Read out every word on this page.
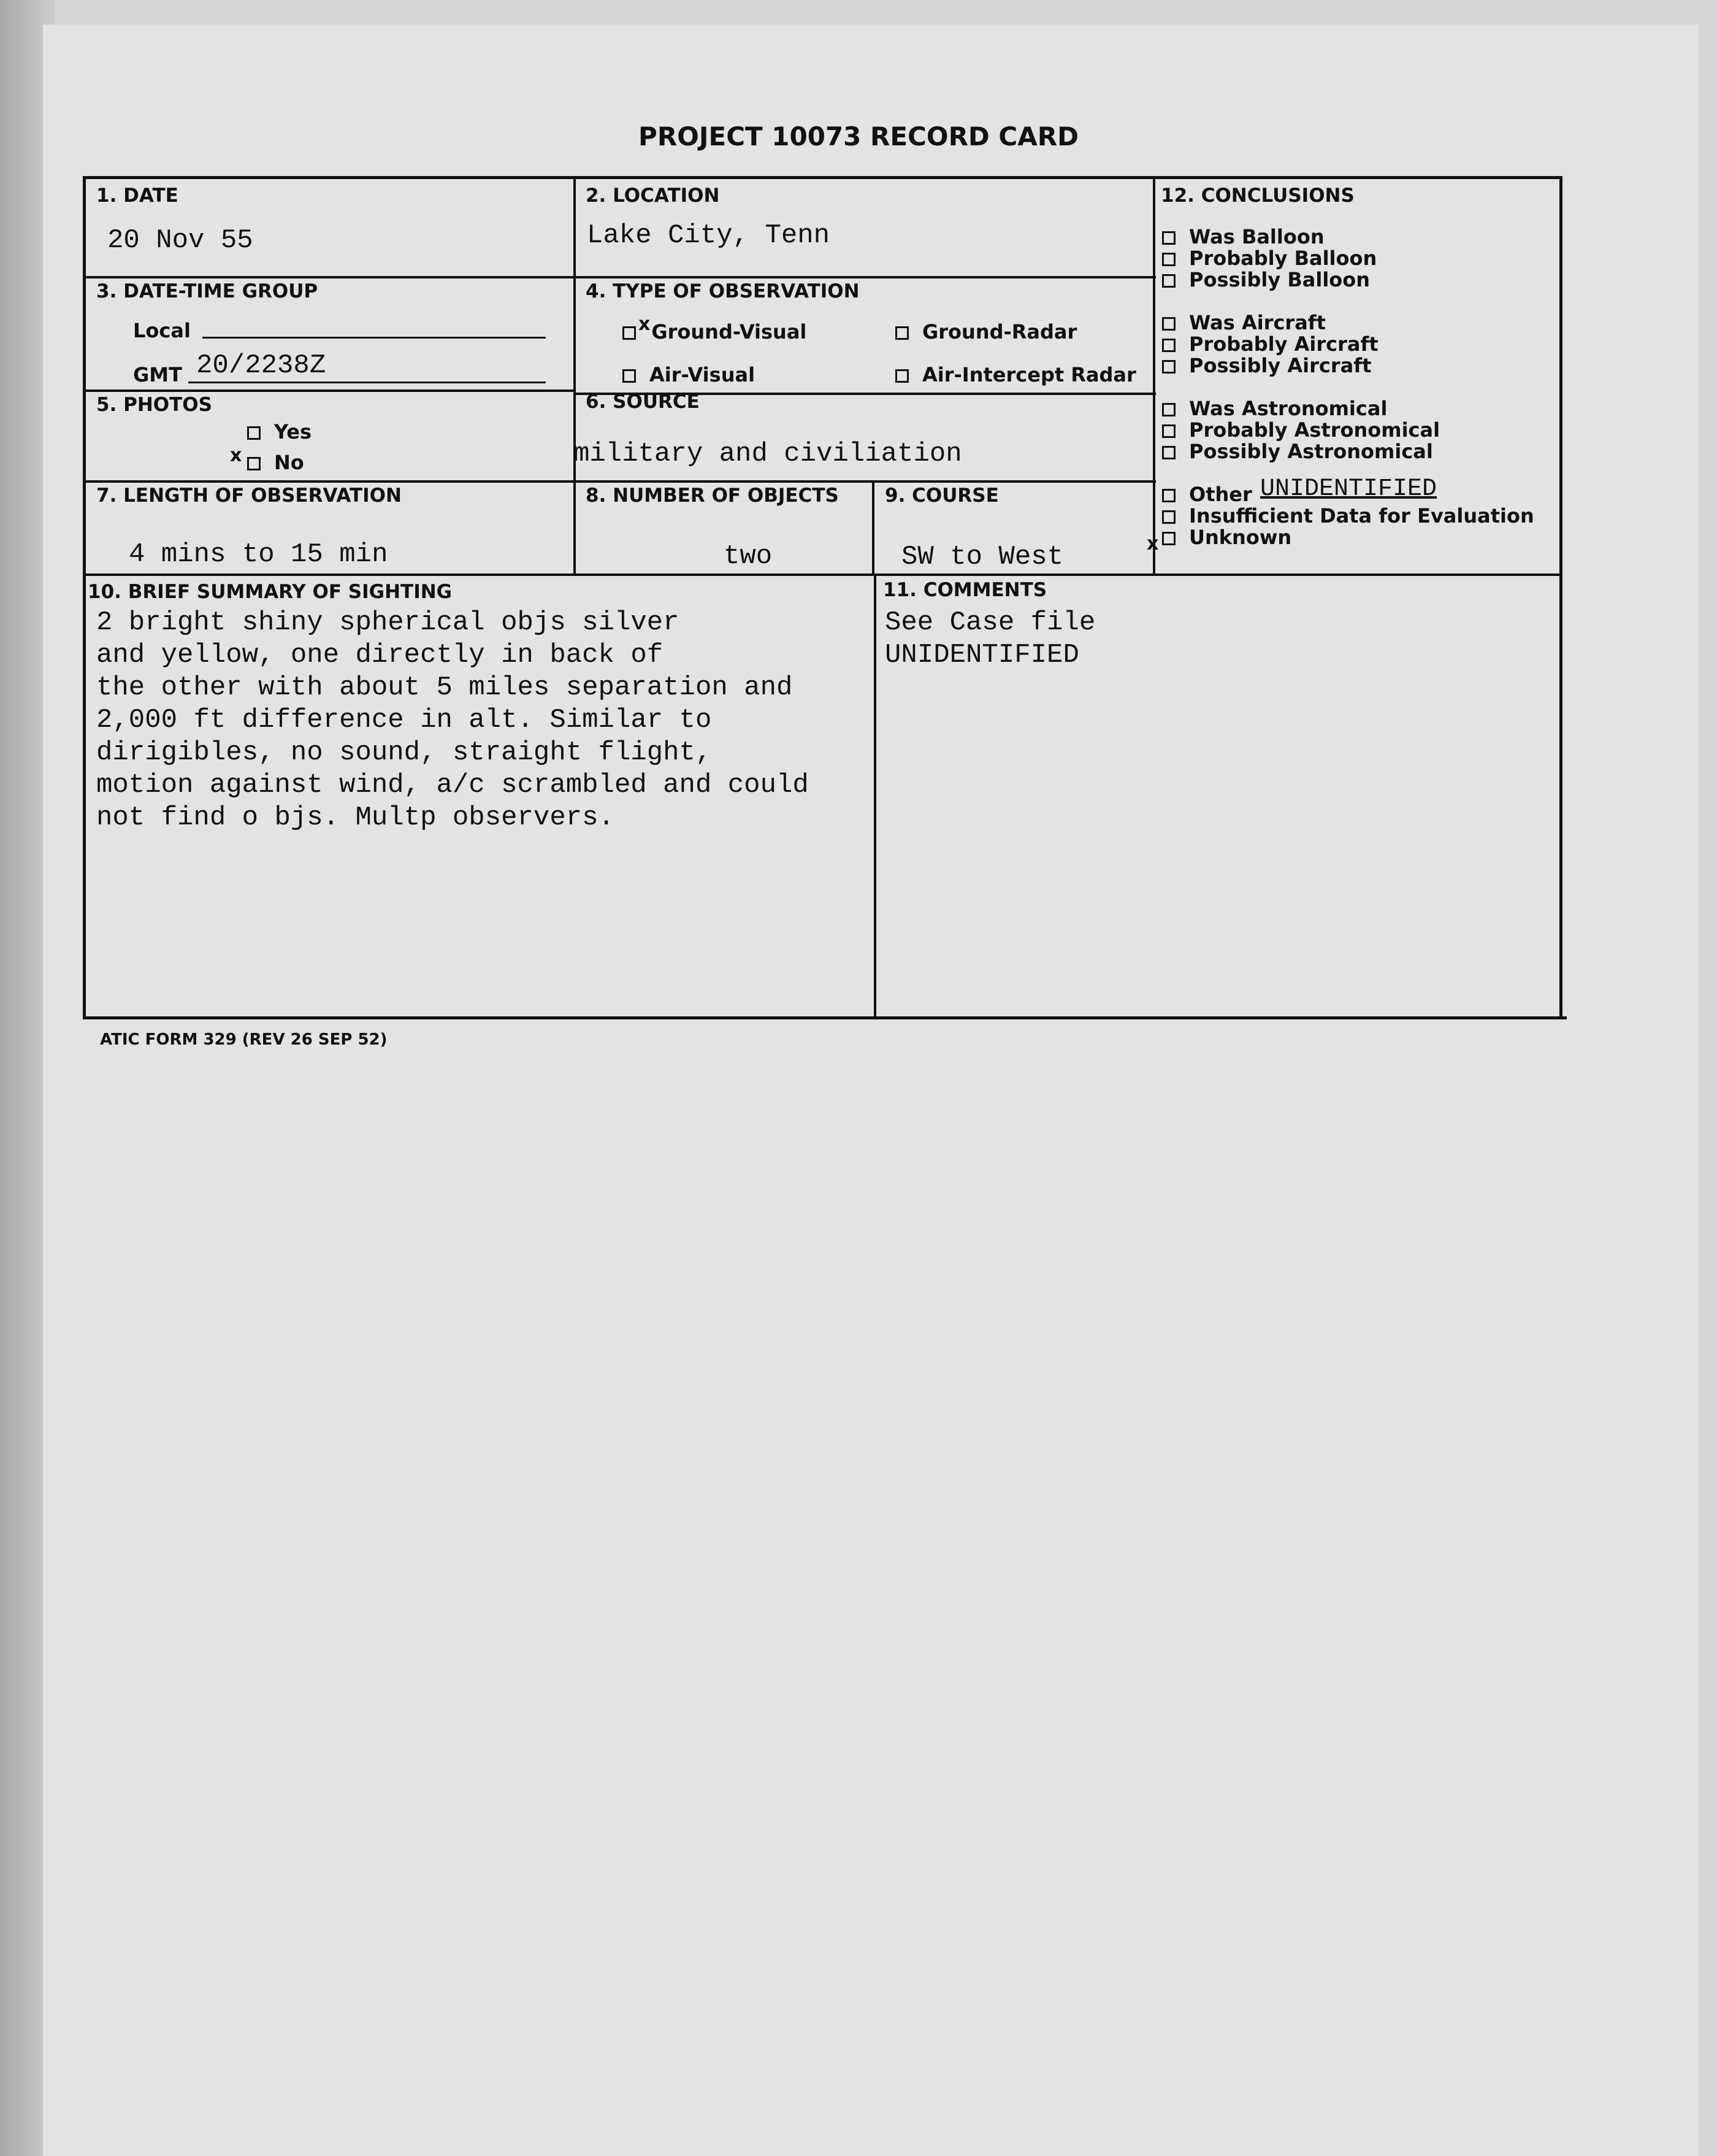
PROJECT 10073 RECORD CARD
1. DATE
20 Nov 55
2. LOCATION
Lake City, Tenn
3. DATE-TIME GROUP
Local
GMT 20/2238Z
4. TYPE OF OBSERVATION
xGround-Visual	Ground-Radar
Air-Visual	Air-Intercept Radar
5. PHOTOS
Yes
x	No
6. SOURCE
military and civiliation
7. LENGTH OF OBSERVATION
4 mins to 15 min
8. NUMBER OF OBJECTS
two
9. COURSE
SW to West
10. BRIEF SUMMARY OF SIGHTING
2 bright shiny spherical objs silver
and yellow, one directly in back of
the other with about 5 miles separation and
2,000 ft difference in alt. Similar to
dirigibles, no sound, straight flight,
motion against wind, a/c scrambled and could
not find o bjs. Multp observers.
11. COMMENTS
See Case file
UNIDENTIFIED
12. CONCLUSIONS
Was Balloon
Probably Balloon
Possibly Balloon
Was Aircraft
Probably Aircraft
Possibly Aircraft
Was Astronomical
Probably Astronomical
Possibly Astronomical
Other UNIDENTIFIED
Insufficient Data for Evaluation
x	Unknown
ATIC FORM 329 (REV 26 SEP 52)
